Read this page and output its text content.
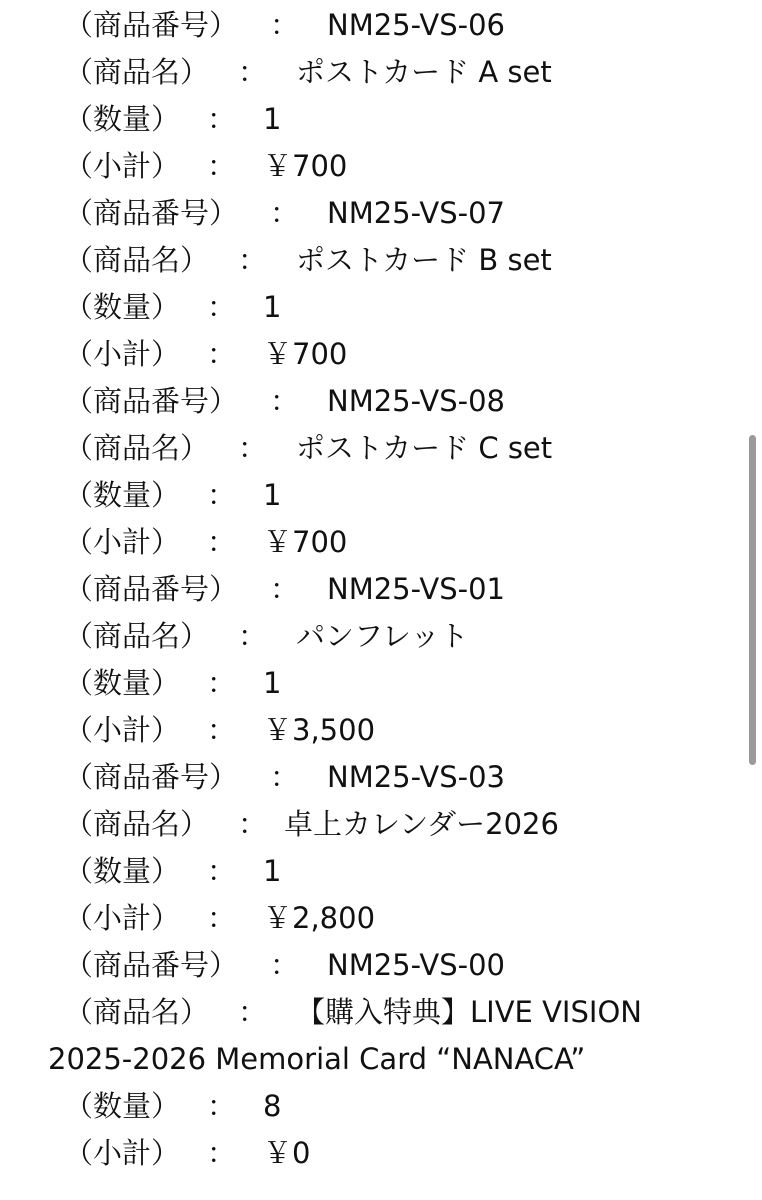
（商品番号） ： NM25-VS-06
（商品名） ： ポストカード A set
（数量） ： 1
（小計） ： ￥700
（商品番号） ： NM25-VS-07
（商品名） ： ポストカード B set
（数量） ： 1
（小計） ： ￥700
（商品番号） ： NM25-VS-08
（商品名） ： ポストカード C set
（数量） ： 1
（小計） ： ￥700
（商品番号） ： NM25-VS-01
（商品名） ： パンフレット
（数量） ： 1
（小計） ： ￥3,500
（商品番号） ： NM25-VS-03
（商品名） ： 卓上カレンダー2026
（数量） ： 1
（小計） ： ￥2,800
（商品番号） ： NM25-VS-00
（商品名） ： 【購入特典】LIVE VISION
2025-2026 Memorial Card “NANACA”
（数量） ： 8
（小計） ： ￥0
